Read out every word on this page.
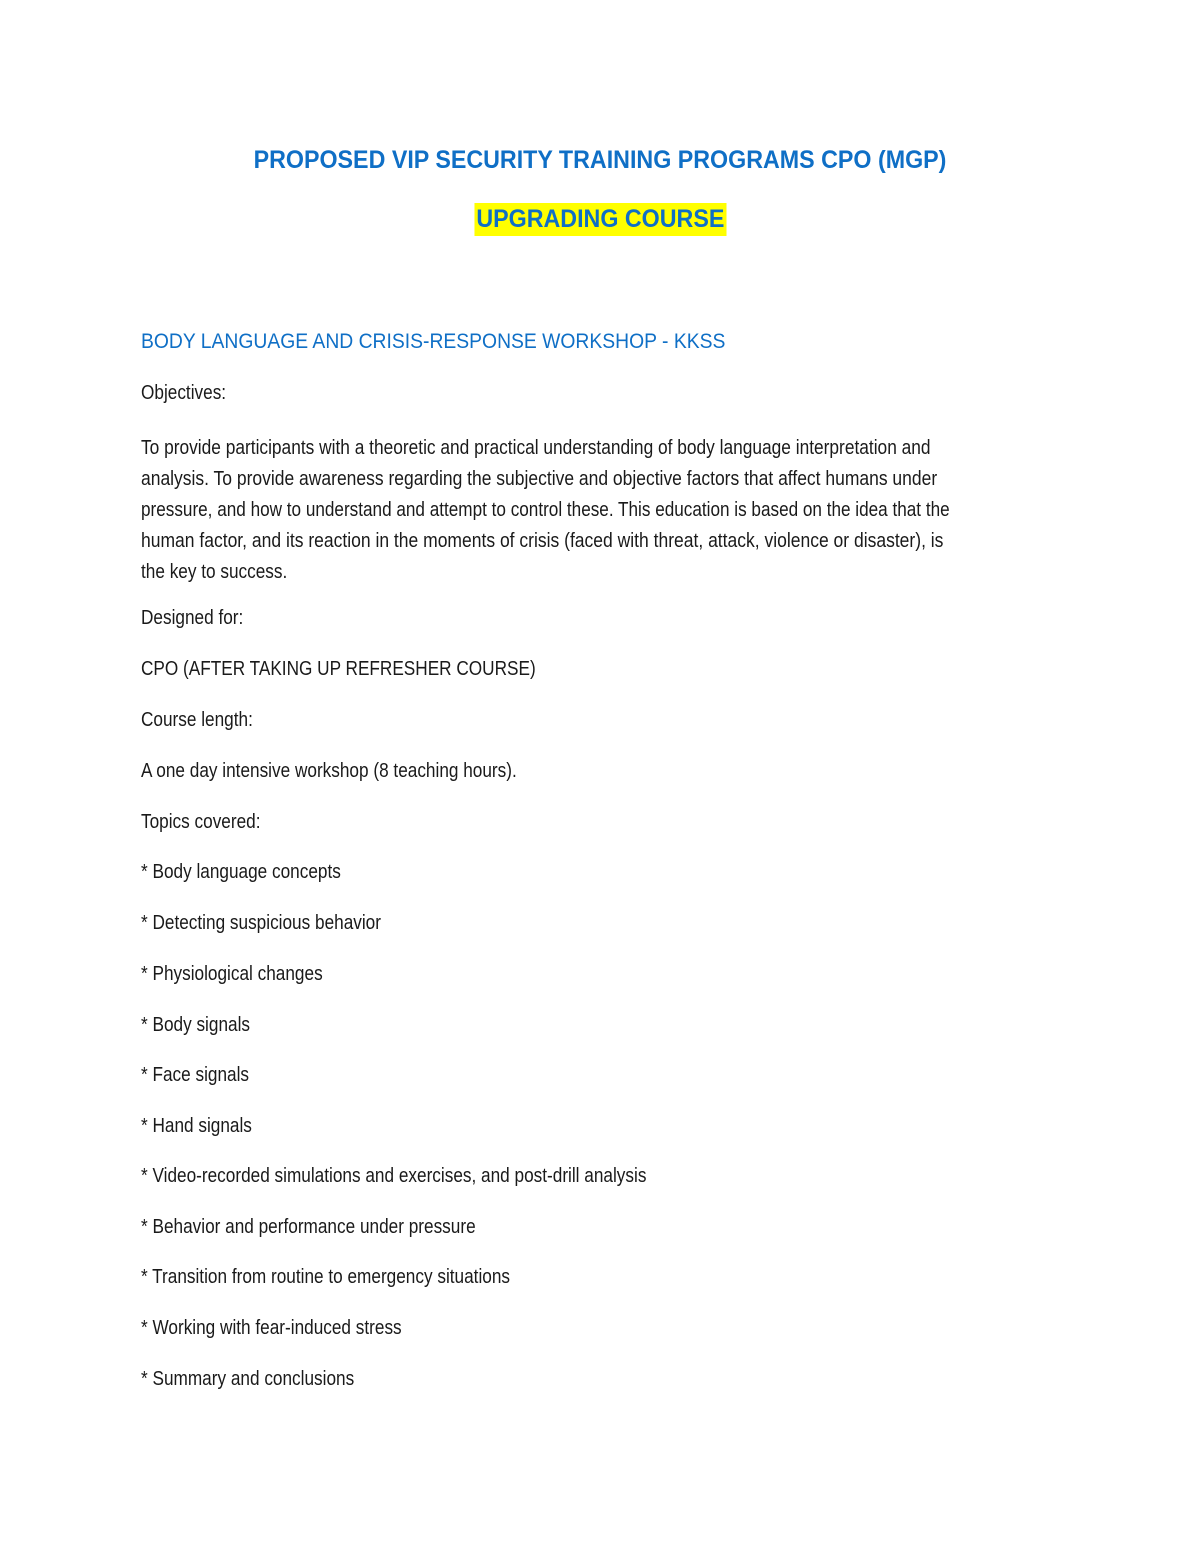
PROPOSED VIP SECURITY TRAINING PROGRAMS CPO (MGP)
UPGRADING COURSE
BODY LANGUAGE AND CRISIS-RESPONSE WORKSHOP - KKSS
Objectives:
To provide participants with a theoretic and practical understanding of body language interpretation and
analysis. To provide awareness regarding the subjective and objective factors that affect humans under
pressure, and how to understand and attempt to control these. This education is based on the idea that the
human factor, and its reaction in the moments of crisis (faced with threat, attack, violence or disaster), is
the key to success.
Designed for:
CPO (AFTER TAKING UP REFRESHER COURSE)
Course length:
A one day intensive workshop (8 teaching hours).
Topics covered:
* Body language concepts
* Detecting suspicious behavior
* Physiological changes
* Body signals
* Face signals
* Hand signals
* Video-recorded simulations and exercises, and post-drill analysis
* Behavior and performance under pressure
* Transition from routine to emergency situations
* Working with fear-induced stress
* Summary and conclusions
